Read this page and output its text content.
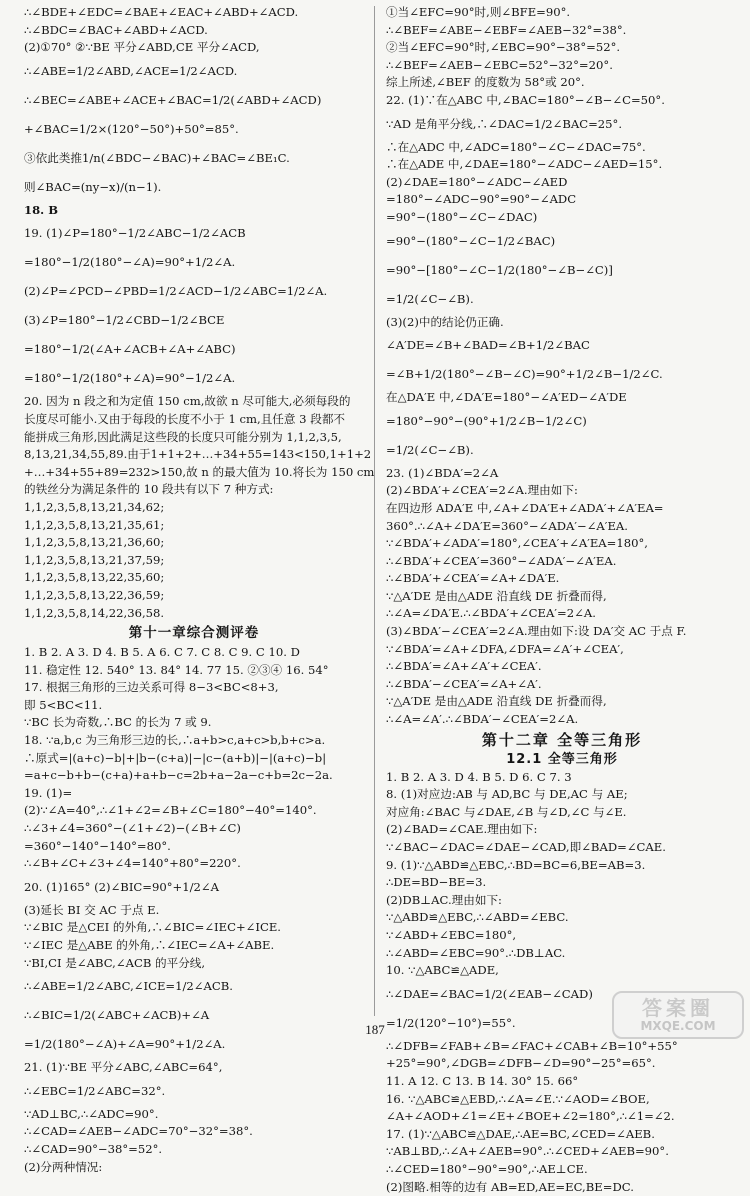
∴∠BDE+∠EDC=∠BAE+∠EAC+∠ABD+∠ACD.
∴∠BDC=∠BAC+∠ABD+∠ACD.
(2)①70° ②∵BE 平分∠ABD,CE 平分∠ACD,
∴∠ABE=1/2∠ABD,∠ACE=1/2∠ACD.
∴∠BEC=∠ABE+∠ACE+∠BAC=1/2(∠ABD+∠ACD)
+∠BAC=1/2×(120°−50°)+50°=85°.
③依此类推1/n(∠BDC−∠BAC)+∠BAC=∠BE₁C.
则∠BAC=(ny−x)/(n−1).
18. B
19. (1)∠P=180°−1/2∠ABC−1/2∠ACB
=180°−1/2(180°−∠A)=90°+1/2∠A.
(2)∠P=∠PCD−∠PBD=1/2∠ACD−1/2∠ABC=1/2∠A.
(3)∠P=180°−1/2∠CBD−1/2∠BCE
=180°−1/2(∠A+∠ACB+∠A+∠ABC)
=180°−1/2(180°+∠A)=90°−1/2∠A.
20. 因为 n 段之和为定值 150 cm,故欲 n 尽可能大,必须每段的
长度尽可能小.又由于每段的长度不小于 1 cm,且任意 3 段都不
能拼成三角形,因此满足这些段的长度只可能分别为 1,1,2,3,5,
8,13,21,34,55,89.由于1+1+2+…+34+55=143<150,1+1+2
+…+34+55+89=232>150,故 n 的最大值为 10.将长为 150 cm
的铁丝分为满足条件的 10 段共有以下 7 种方式:
1,1,2,3,5,8,13,21,34,62;
1,1,2,3,5,8,13,21,35,61;
1,1,2,3,5,8,13,21,36,60;
1,1,2,3,5,8,13,21,37,59;
1,1,2,3,5,8,13,22,35,60;
1,1,2,3,5,8,13,22,36,59;
1,1,2,3,5,8,14,22,36,58.
第十一章综合测评卷
1. B 2. A 3. D 4. B 5. A 6. C 7. C 8. C 9. C 10. D
11. 稳定性 12. 540° 13. 84° 14. 77 15. ②③④ 16. 54°
17. 根据三角形的三边关系可得 8−3<BC<8+3,
即 5<BC<11.
∵BC 长为奇数,∴BC 的长为 7 或 9.
18. ∵a,b,c 为三角形三边的长,∴a+b>c,a+c>b,b+c>a.
∴原式=|(a+c)−b|+|b−(c+a)|−|c−(a+b)|−|(a+c)−b|
=a+c−b+b−(c+a)+a+b−c=2b+a−2a−c+b=2c−2a.
19. (1)=
(2)∵∠A=40°,∴∠1+∠2=∠B+∠C=180°−40°=140°.
∴∠3+∠4=360°−(∠1+∠2)−(∠B+∠C)
=360°−140°−140°=80°.
∴∠B+∠C+∠3+∠4=140°+80°=220°.
20. (1)165° (2)∠BIC=90°+1/2∠A
(3)延长 BI 交 AC 于点 E.
∵∠BIC 是△CEI 的外角,∴∠BIC=∠IEC+∠ICE.
∵∠IEC 是△ABE 的外角,∴∠IEC=∠A+∠ABE.
∵BI,CI 是∠ABC,∠ACB 的平分线,
∴∠ABE=1/2∠ABC,∠ICE=1/2∠ACB.
∴∠BIC=1/2(∠ABC+∠ACB)+∠A
=1/2(180°−∠A)+∠A=90°+1/2∠A.
21. (1)∵BE 平分∠ABC,∠ABC=64°,
∴∠EBC=1/2∠ABC=32°.
∵AD⊥BC,∴∠ADC=90°.
∴∠CAD=∠AEB−∠ADC=70°−32°=38°.
∴∠CAD=90°−38°=52°.
(2)分两种情况:
①当∠EFC=90°时,则∠BFE=90°.
∴∠BEF=∠ABE−∠EBF=∠AEB−32°=38°.
②当∠EFC=90°时,∠EBC=90°−38°=52°.
∴∠BEF=∠AEB−∠EBC=52°−32°=20°.
综上所述,∠BEF 的度数为 58°或 20°.
22. (1)∵在△ABC 中,∠BAC=180°−∠B−∠C=50°.
∵AD 是角平分线,∴∠DAC=1/2∠BAC=25°.
∴在△ADC 中,∠ADC=180°−∠C−∠DAC=75°.
∴在△ADE 中,∠DAE=180°−∠ADC−∠AED=15°.
(2)∠DAE=180°−∠ADC−∠AED
=180°−∠ADC−90°=90°−∠ADC
=90°−(180°−∠C−∠DAC)
=90°−(180°−∠C−1/2∠BAC)
=90°−[180°−∠C−1/2(180°−∠B−∠C)]
=1/2(∠C−∠B).
(3)(2)中的结论仍正确.
∠A′DE=∠B+∠BAD=∠B+1/2∠BAC
=∠B+1/2(180°−∠B−∠C)=90°+1/2∠B−1/2∠C.
在△DA′E 中,∠DA′E=180°−∠A′ED−∠A′DE
=180°−90°−(90°+1/2∠B−1/2∠C)
=1/2(∠C−∠B).
23. (1)∠BDA′=2∠A
(2)∠BDA′+∠CEA′=2∠A.理由如下:
在四边形 ADA′E 中,∠A+∠DA′E+∠ADA′+∠A′EA=
360°.∴∠A+∠DA′E=360°−∠ADA′−∠A′EA.
∵∠BDA′+∠ADA′=180°,∠CEA′+∠A′EA=180°,
∴∠BDA′+∠CEA′=360°−∠ADA′−∠A′EA.
∴∠BDA′+∠CEA′=∠A+∠DA′E.
∵△A′DE 是由△ADE 沿直线 DE 折叠而得,
∴∠A=∠DA′E.∴∠BDA′+∠CEA′=2∠A.
(3)∠BDA′−∠CEA′=2∠A.理由如下:设 DA′交 AC 于点 F.
∵∠BDA′=∠A+∠DFA,∠DFA=∠A′+∠CEA′,
∴∠BDA′=∠A+∠A′+∠CEA′.
∴∠BDA′−∠CEA′=∠A+∠A′.
∵△A′DE 是由△ADE 沿直线 DE 折叠而得,
∴∠A=∠A′.∴∠BDA′−∠CEA′=2∠A.
第十二章 全等三角形
12.1 全等三角形
1. B 2. A 3. D 4. B 5. D 6. C 7. 3
8. (1)对应边:AB 与 AD,BC 与 DE,AC 与 AE;
对应角:∠BAC 与∠DAE,∠B 与∠D,∠C 与∠E.
(2)∠BAD=∠CAE.理由如下:
∵∠BAC−∠DAC=∠DAE−∠CAD,即∠BAD=∠CAE.
9. (1)∵△ABD≌△EBC,∴BD=BC=6,BE=AB=3.
∴DE=BD−BE=3.
(2)DB⊥AC.理由如下:
∵△ABD≌△EBC,∴∠ABD=∠EBC.
∵∠ABD+∠EBC=180°,
∴∠ABD=∠EBC=90°.∴DB⊥AC.
10. ∵△ABC≌△ADE,
∴∠DAE=∠BAC=1/2(∠EAB−∠CAD)
=1/2(120°−10°)=55°.
∴∠DFB=∠FAB+∠B=∠FAC+∠CAB+∠B=10°+55°
+25°=90°,∠DGB=∠DFB−∠D=90°−25°=65°.
11. A 12. C 13. B 14. 30° 15. 66°
16. ∵△ABC≌△EBD,∴∠A=∠E.∵∠AOD=∠BOE,
∠A+∠AOD+∠1=∠E+∠BOE+∠2=180°,∴∠1=∠2.
17. (1)∵△ABC≌△DAE,∴AE=BC,∠CED=∠AEB.
∵AB⊥BD,∴∠A+∠AEB=90°.∴∠CED+∠AEB=90°.
∴∠CED=180°−90°=90°,∴AE⊥CE.
(2)图略.相等的边有 AB=ED,AE=EC,BE=DC.
187
答案圈
MXQE.COM
